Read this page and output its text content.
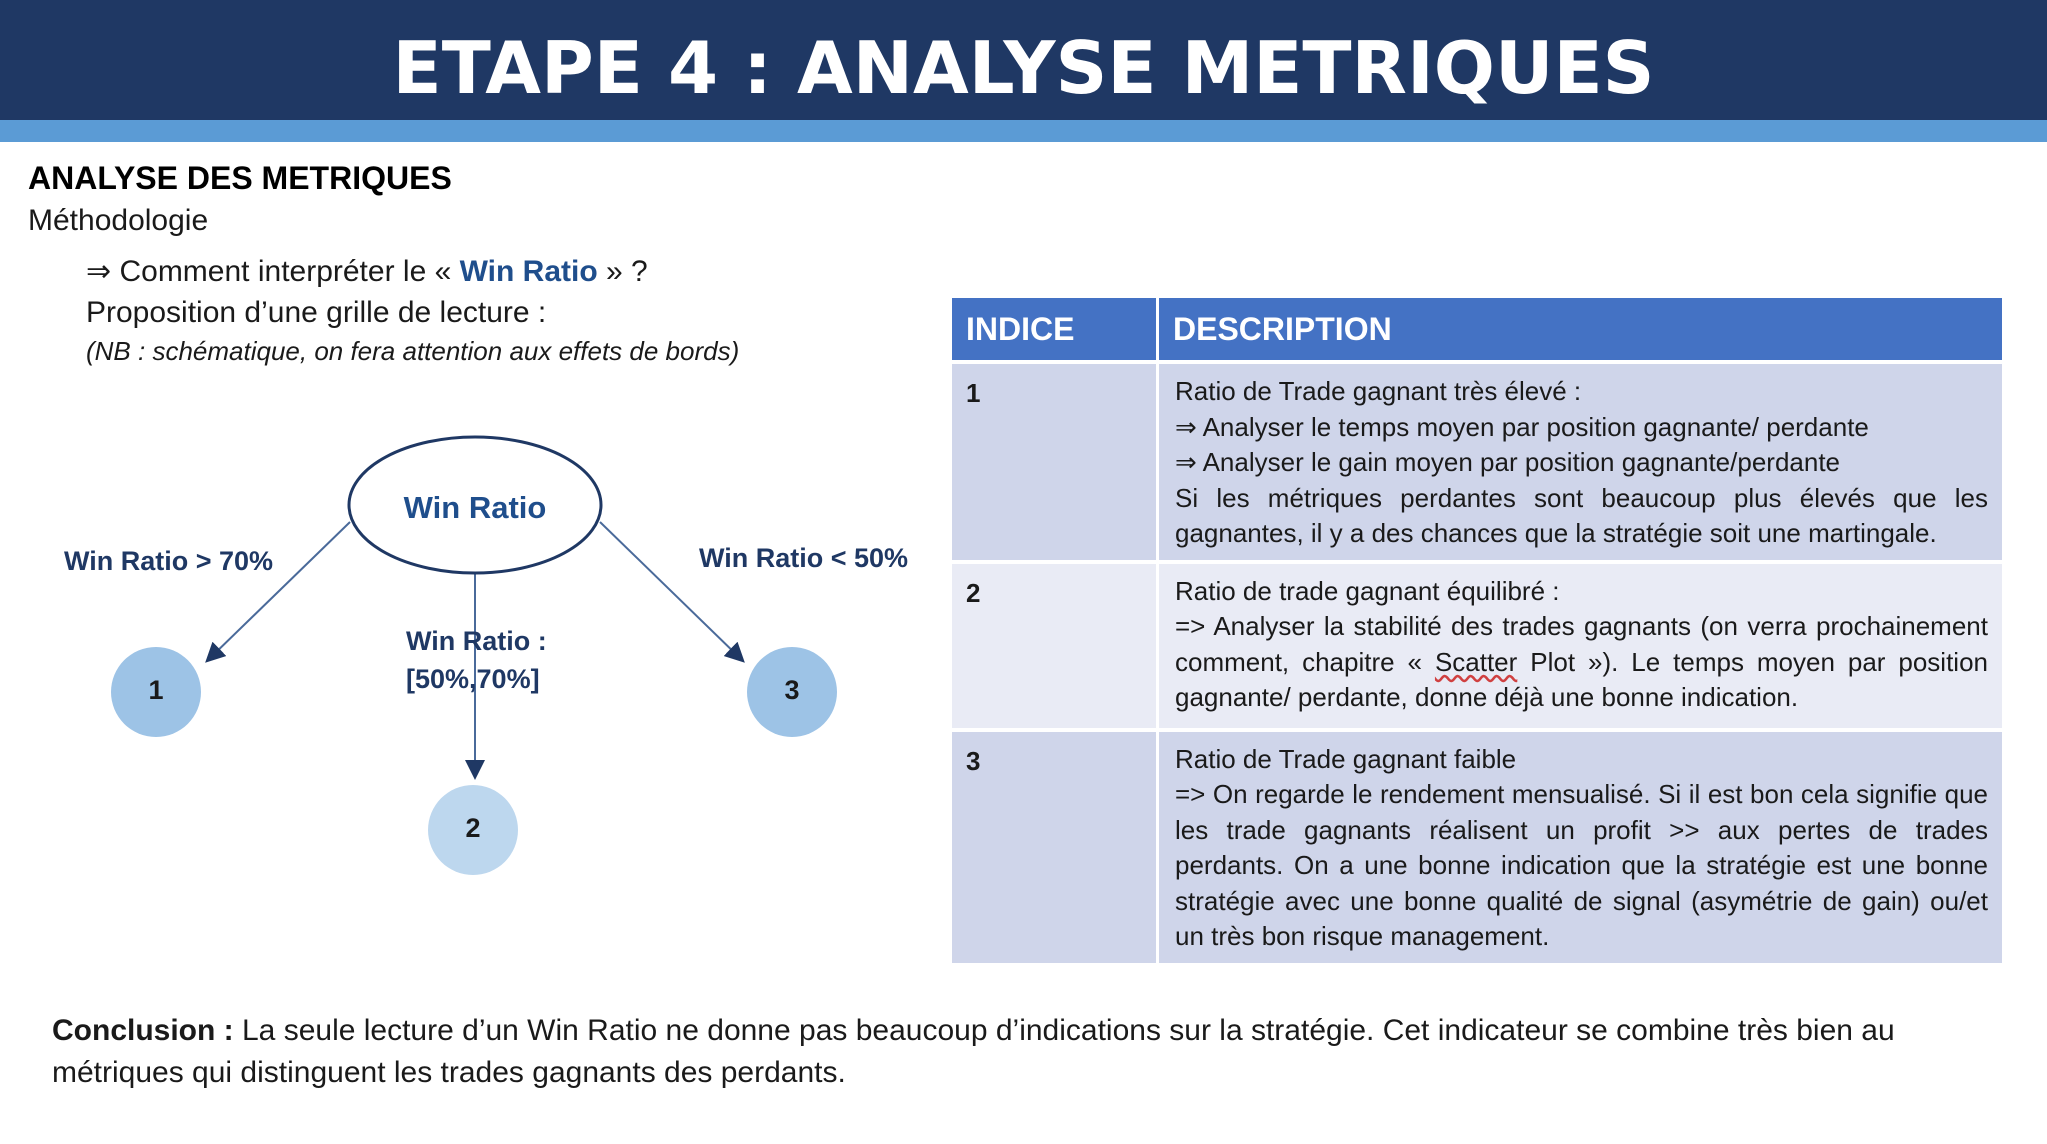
ETAPE 4 : ANALYSE METRIQUES
ANALYSE DES METRIQUES
Méthodologie
⇒ Comment interpréter le « Win Ratio » ?
Proposition d’une grille de lecture :
(NB : schématique, on fera attention aux effets de bords)
Win Ratio
Win Ratio > 70%
Win Ratio :
[50%,70%]
Win Ratio < 50%
1
2
3
INDICE	DESCRIPTION
1	Ratio de Trade gagnant très élevé :

⇒ Analyser le temps moyen par position gagnante/ perdante

⇒ Analyser le gain moyen par position gagnante/perdante

Si les métriques perdantes sont beaucoup plus élevés que les gagnantes, il y a des chances que la stratégie soit une martingale.

2	Ratio de trade gagnant équilibré :

=> Analyser la stabilité des trades gagnants (on verra prochainement comment, chapitre « Scatter Plot »). Le temps moyen par position gagnante/ perdante, donne déjà une bonne indication.

3	Ratio de Trade gagnant faible

=> On regarde le rendement mensualisé. Si il est bon cela signifie que les trade gagnants réalisent un profit >> aux pertes de trades perdants. On a une bonne indication que la stratégie est une bonne stratégie avec une bonne qualité de signal (asymétrie de gain) ou/et un très bon risque management.

Conclusion : La seule lecture d’un Win Ratio ne donne pas beaucoup d’indications sur la stratégie. Cet indicateur se combine très bien au métriques qui distinguent les trades gagnants des perdants.
